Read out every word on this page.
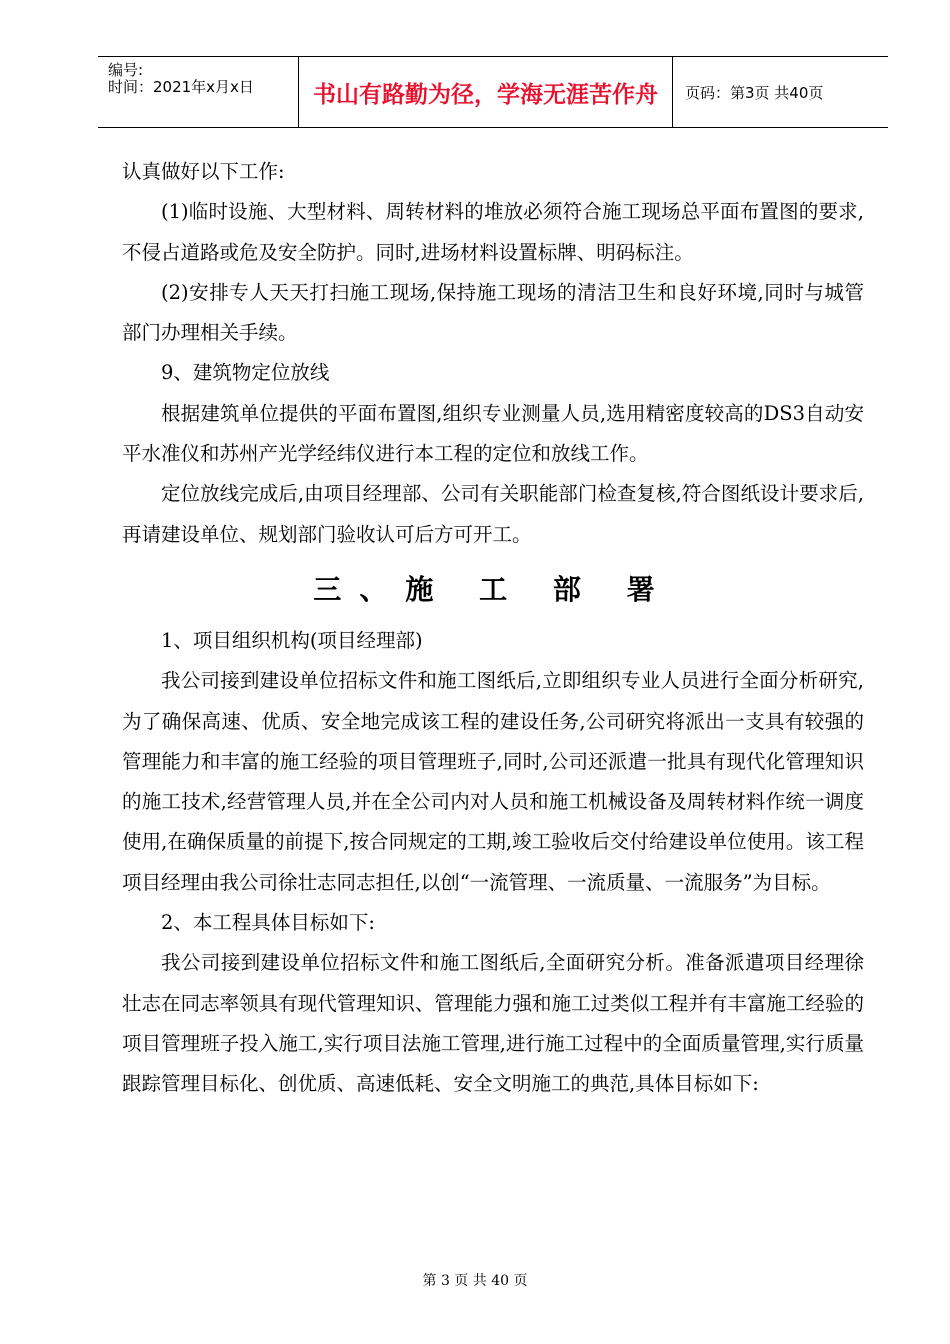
编号:
时间：2021年x月x日	书山有路勤为径，学海无涯苦作舟	页码：第3页 共40页

认真做好以下工作:

(1)临时设施、大型材料、周转材料的堆放必须符合施工现场总平面布置图的要求,不侵占道路或危及安全防护。同时,进场材料设置标牌、明码标注。

(2)安排专人天天打扫施工现场,保持施工现场的清洁卫生和良好环境,同时与城管部门办理相关手续。

9、建筑物定位放线

根据建筑单位提供的平面布置图,组织专业测量人员,选用精密度较高的DS3自动安平水准仪和苏州产光学经纬仪进行本工程的定位和放线工作。

定位放线完成后,由项目经理部、公司有关职能部门检查复核,符合图纸设计要求后,再请建设单位、规划部门验收认可后方可开工。

三、施 工 部 署

1、项目组织机构(项目经理部)

我公司接到建设单位招标文件和施工图纸后,立即组织专业人员进行全面分析研究,为了确保高速、优质、安全地完成该工程的建设任务,公司研究将派出一支具有较强的管理能力和丰富的施工经验的项目管理班子,同时,公司还派遣一批具有现代化管理知识的施工技术,经营管理人员,并在全公司内对人员和施工机械设备及周转材料作统一调度使用,在确保质量的前提下,按合同规定的工期,竣工验收后交付给建设单位使用。该工程项目经理由我公司徐壮志同志担任,以创“一流管理、一流质量、一流服务”为目标。

2、本工程具体目标如下:

我公司接到建设单位招标文件和施工图纸后,全面研究分析。准备派遣项目经理徐壮志在同志率领具有现代管理知识、管理能力强和施工过类似工程并有丰富施工经验的项目管理班子投入施工,实行项目法施工管理,进行施工过程中的全面质量管理,实行质量跟踪管理目标化、创优质、高速低耗、安全文明施工的典范,具体目标如下:

第 3 页 共 40 页
